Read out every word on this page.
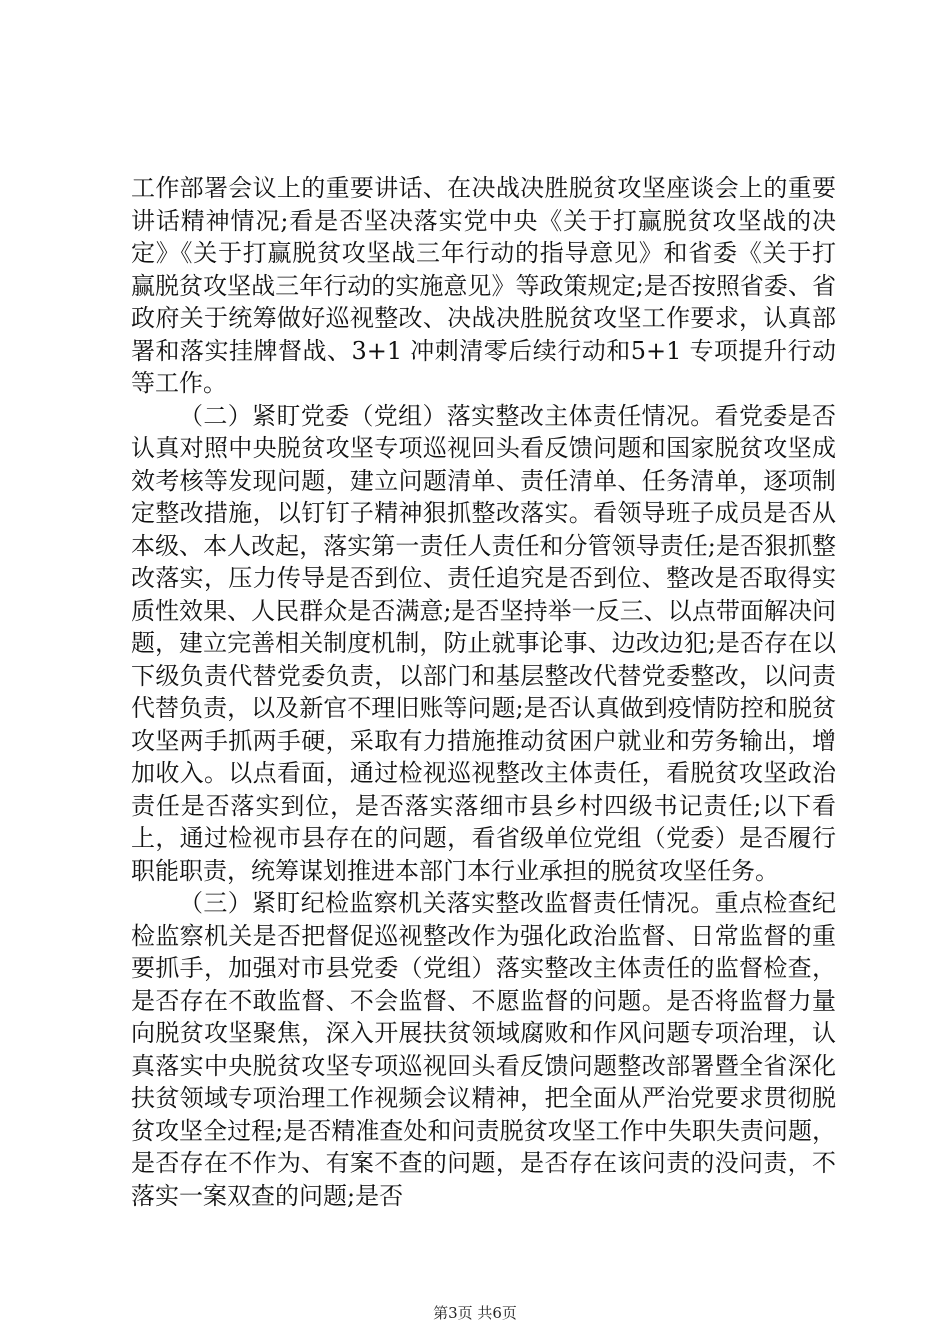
工作部署会议上的重要讲话、在决战决胜脱贫攻坚座谈会上的重要讲话精神情况;看是否坚决落实党中央《关于打赢脱贫攻坚战的决定》《关于打赢脱贫攻坚战三年行动的指导意见》和省委《关于打赢脱贫攻坚战三年行动的实施意见》等政策规定;是否按照省委、省政府关于统筹做好巡视整改、决战决胜脱贫攻坚工作要求，认真部署和落实挂牌督战、3+1 冲刺清零后续行动和5+1 专项提升行动等工作。

（二）紧盯党委（党组）落实整改主体责任情况。看党委是否认真对照中央脱贫攻坚专项巡视回头看反馈问题和国家脱贫攻坚成效考核等发现问题，建立问题清单、责任清单、任务清单，逐项制定整改措施，以钉钉子精神狠抓整改落实。看领导班子成员是否从本级、本人改起，落实第一责任人责任和分管领导责任;是否狠抓整改落实，压力传导是否到位、责任追究是否到位、整改是否取得实质性效果、人民群众是否满意;是否坚持举一反三、以点带面解决问题，建立完善相关制度机制，防止就事论事、边改边犯;是否存在以下级负责代替党委负责，以部门和基层整改代替党委整改，以问责代替负责，以及新官不理旧账等问题;是否认真做到疫情防控和脱贫攻坚两手抓两手硬，采取有力措施推动贫困户就业和劳务输出，增加收入。以点看面，通过检视巡视整改主体责任，看脱贫攻坚政治责任是否落实到位，是否落实落细市县乡村四级书记责任;以下看上，通过检视市县存在的问题，看省级单位党组（党委）是否履行职能职责，统筹谋划推进本部门本行业承担的脱贫攻坚任务。

（三）紧盯纪检监察机关落实整改监督责任情况。重点检查纪检监察机关是否把督促巡视整改作为强化政治监督、日常监督的重要抓手，加强对市县党委（党组）落实整改主体责任的监督检查，是否存在不敢监督、不会监督、不愿监督的问题。是否将监督力量向脱贫攻坚聚焦，深入开展扶贫领域腐败和作风问题专项治理，认真落实中央脱贫攻坚专项巡视回头看反馈问题整改部署暨全省深化扶贫领域专项治理工作视频会议精神，把全面从严治党要求贯彻脱贫攻坚全过程;是否精准查处和问责脱贫攻坚工作中失职失责问题，是否存在不作为、有案不查的问题，是否存在该问责的没问责，不落实一案双查的问题;是否

第3页 共6页
